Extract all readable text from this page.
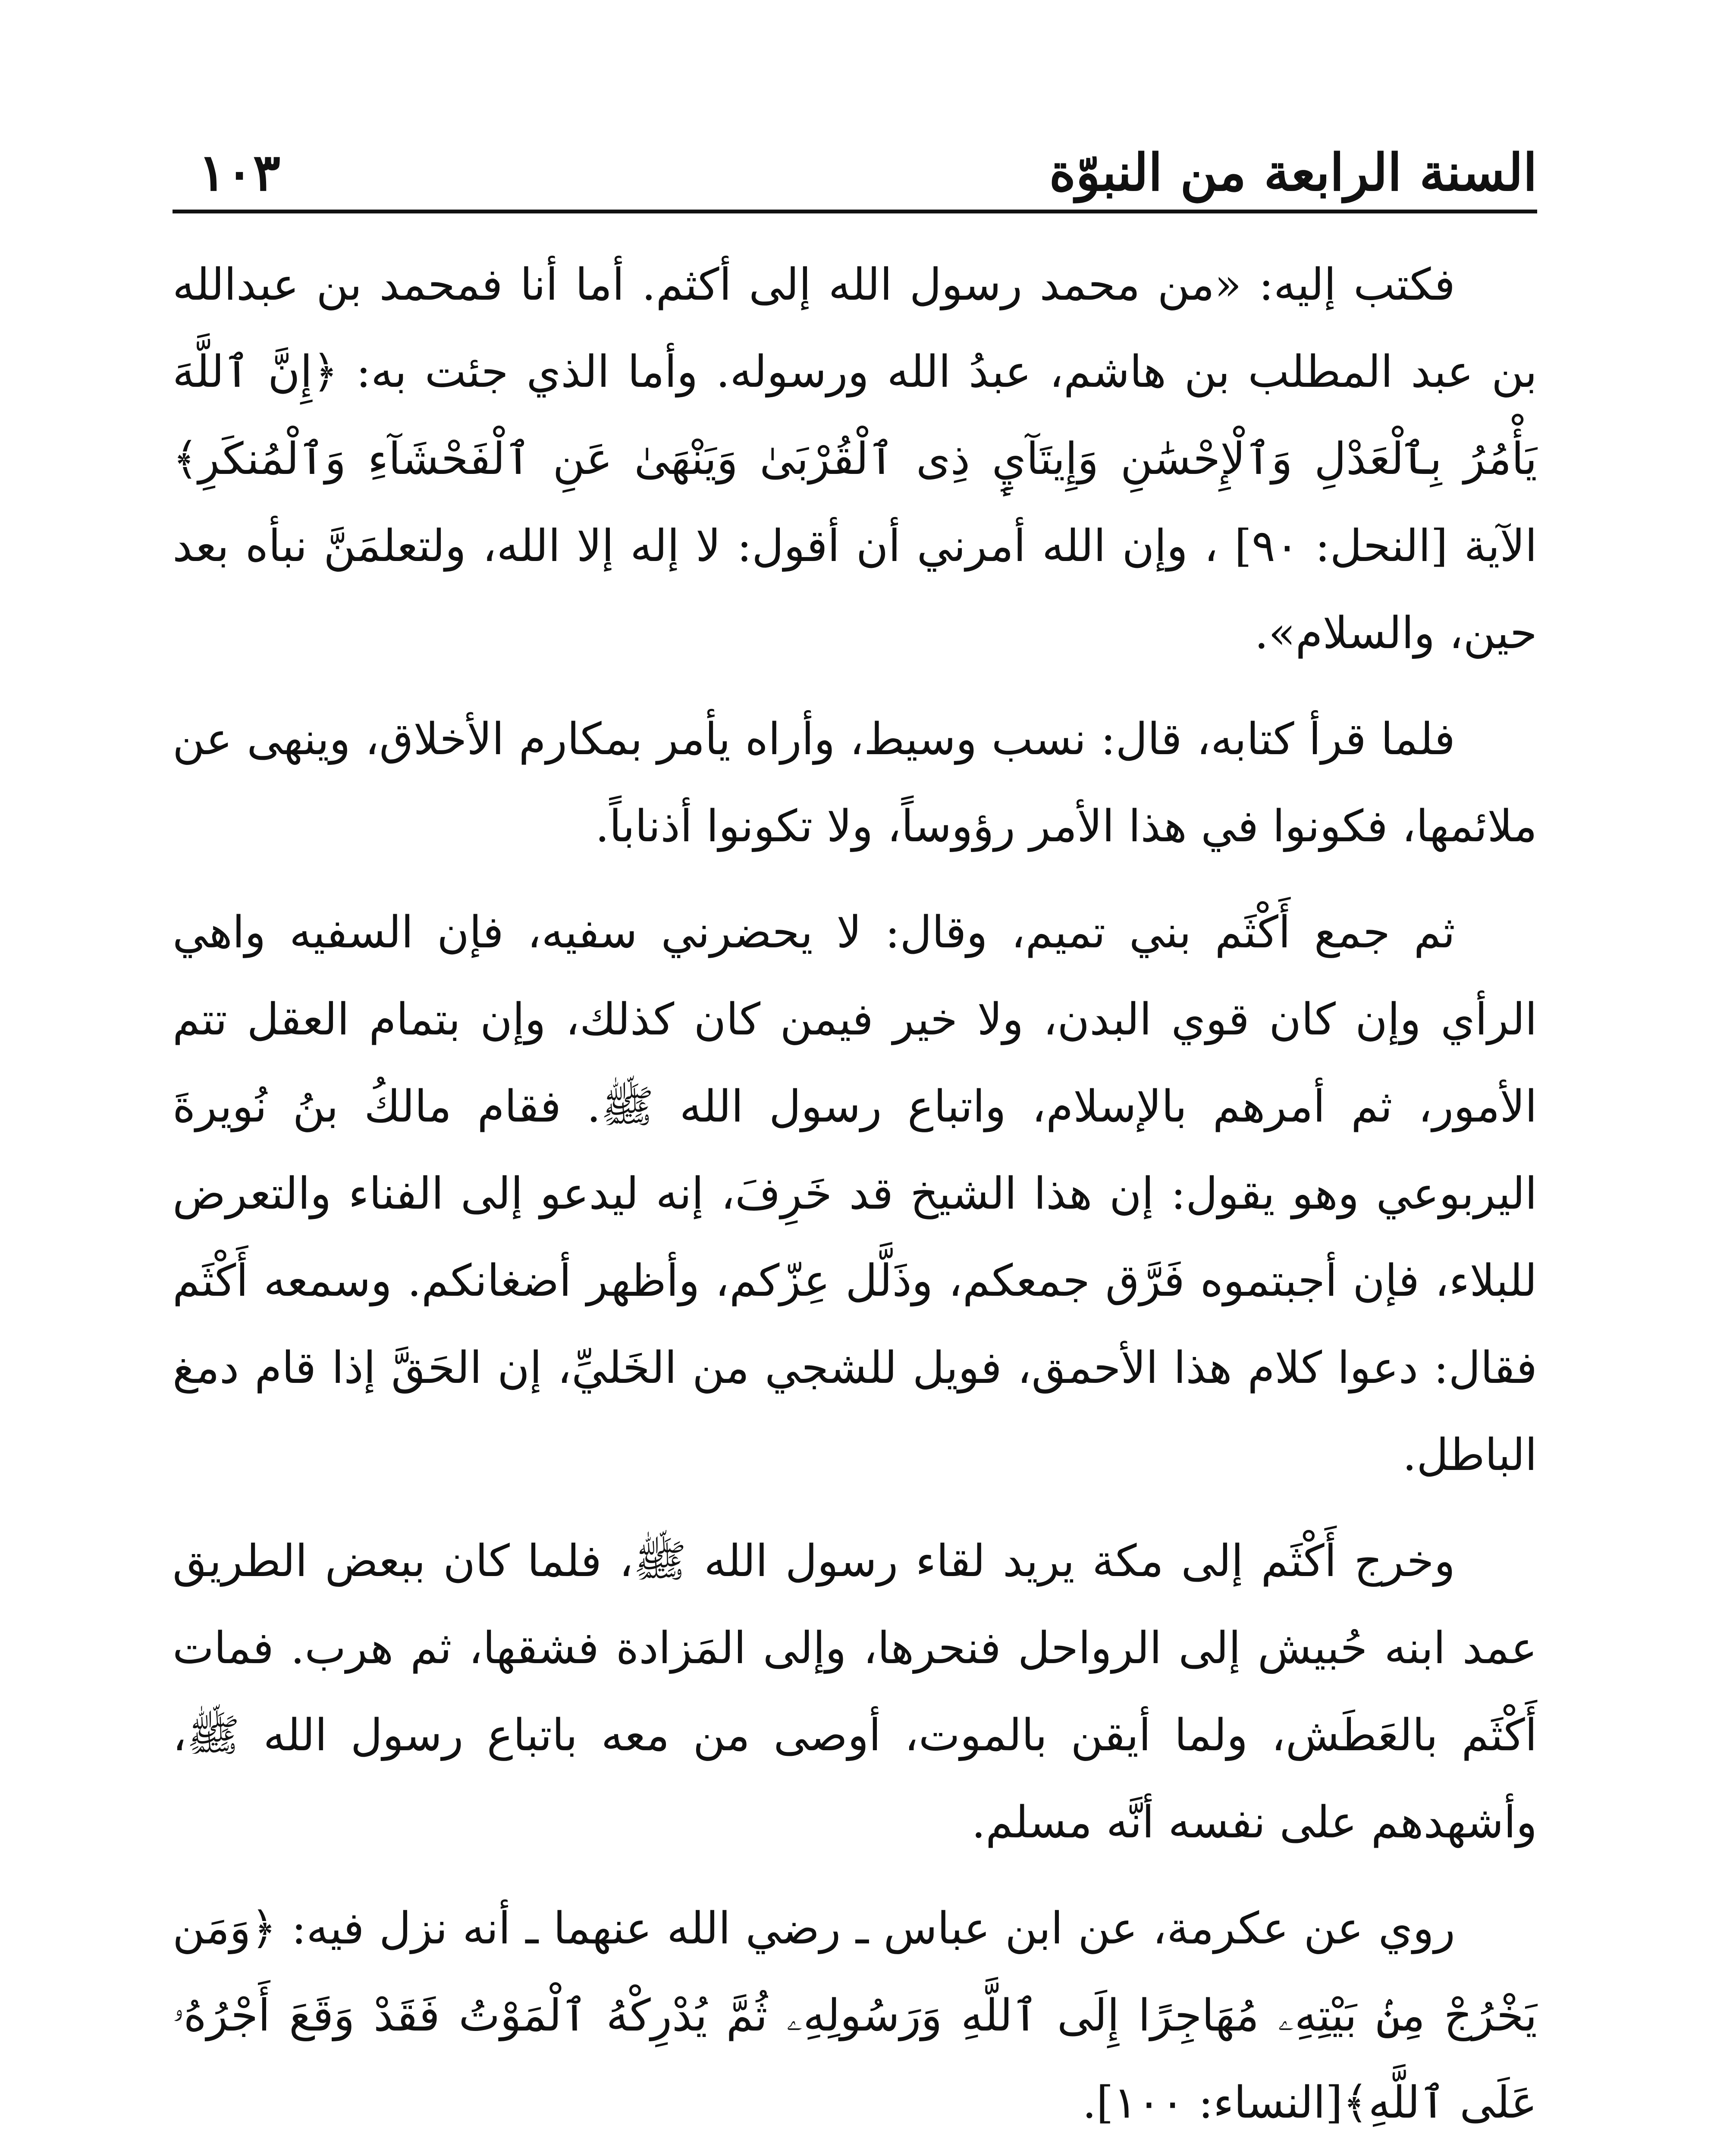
السنة الرابعة من النبوّة
١٠٣

فكتب إليه: «من محمد رسول الله إلى أكثم. أما أنا فمحمد بن عبدالله بن عبد المطلب بن هاشم، عبدُ الله ورسوله. وأما الذي جئت به: ﴿إِنَّ ٱللَّهَ يَأْمُرُ بِٱلْعَدْلِ وَٱلْإِحْسَٰنِ وَإِيتَآيِٕ ذِى ٱلْقُرْبَىٰ وَيَنْهَىٰ عَنِ ٱلْفَحْشَآءِ وَٱلْمُنكَرِ﴾الآية [النحل: ٩٠] ، وإن الله أمرني أن أقول: لا إله إلا الله، ولتعلمَنَّ نبأه بعد حين، والسلام».

فلما قرأ كتابه، قال: نسب وسيط، وأراه يأمر بمكارم الأخلاق، وينهى عن ملائمها، فكونوا في هذا الأمر رؤوساً، ولا تكونوا أذناباً.

ثم جمع أَكْثَم بني تميم، وقال: لا يحضرني سفيه، فإن السفيه واهي الرأي وإن كان قوي البدن، ولا خير فيمن كان كذلك، وإن بتمام العقل تتم الأمور، ثم أمرهم بالإسلام، واتباع رسول الله ﷺ. فقام مالكُ بنُ نُويرةَ اليربوعي وهو يقول: إن هذا الشيخ قد خَرِفَ، إنه ليدعو إلى الفناء والتعرض للبلاء، فإن أجبتموه فَرَّق جمعكم، وذَلَّل عِزّكم، وأظهر أضغانكم. وسمعه أَكْثَم فقال: دعوا كلام هذا الأحمق، فويل للشجي من الخَليِّ، إن الحَقَّ إذا قام دمغ الباطل.

وخرج أَكْثَم إلى مكة يريد لقاء رسول الله ﷺ، فلما كان ببعض الطريق عمد ابنه حُبيش إلى الرواحل فنحرها، وإلى المَزادة فشقها، ثم هرب. فمات أَكْثَم بالعَطَش، ولما أيقن بالموت، أوصى من معه باتباع رسول الله ﷺ، وأشهدهم على نفسه أنَّه مسلم.

روي عن عكرمة، عن ابن عباس ـ رضي الله عنهما ـ أنه نزل فيه: ﴿وَمَن يَخْرُجْ مِنۢ بَيْتِهِۦ مُهَاجِرًا إِلَى ٱللَّهِ وَرَسُولِهِۦ ثُمَّ يُدْرِكْهُ ٱلْمَوْتُ فَقَدْ وَقَعَ أَجْرُهُۥ عَلَى ٱللَّهِ﴾[النساء: ١٠٠].
